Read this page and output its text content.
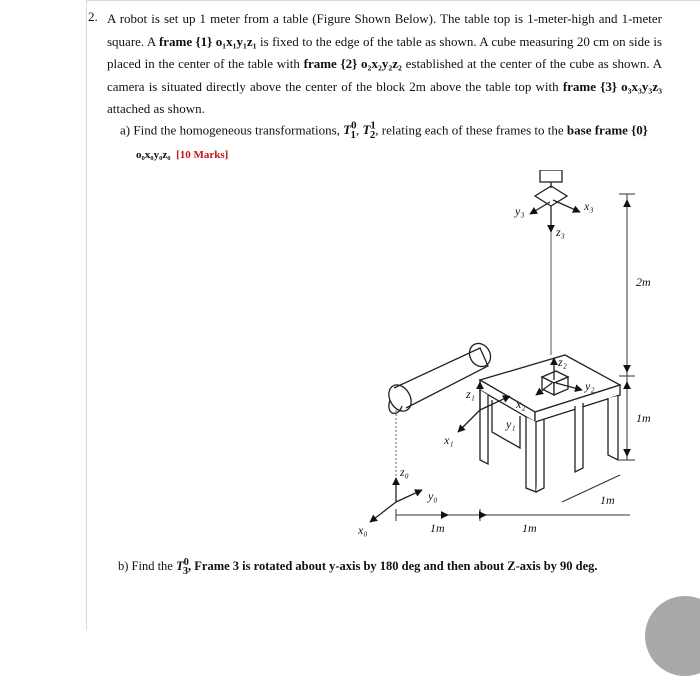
2. A robot is set up 1 meter from a table (Figure Shown Below). The table top is 1-meter-high and 1-meter square. A frame {1} o₁x₁y₁z₁ is fixed to the edge of the table as shown. A cube measuring 20 cm on side is placed in the center of the table with frame {2} o₂x₂y₂z₂ established at the center of the cube as shown. A camera is situated directly above the center of the block 2m above the table top with frame {3} o₃x₃y₃z₃ attached as shown.
a) Find the homogeneous transformations, $T^0_1$, $T^1_2$, relating each of these frames to the base frame {0}
o₀x₀y₀z₀ [10 Marks]
x₃
y₃
z₃
z₂
y₂
x₂
y₁
z₁
x₁
z₀
y₀
x₀
2m
1m
1m
1m	1m
b) Find the $T^0_3$, Frame 3 is rotated about y-axis by 180 deg and then about Z-axis by 90 deg.
